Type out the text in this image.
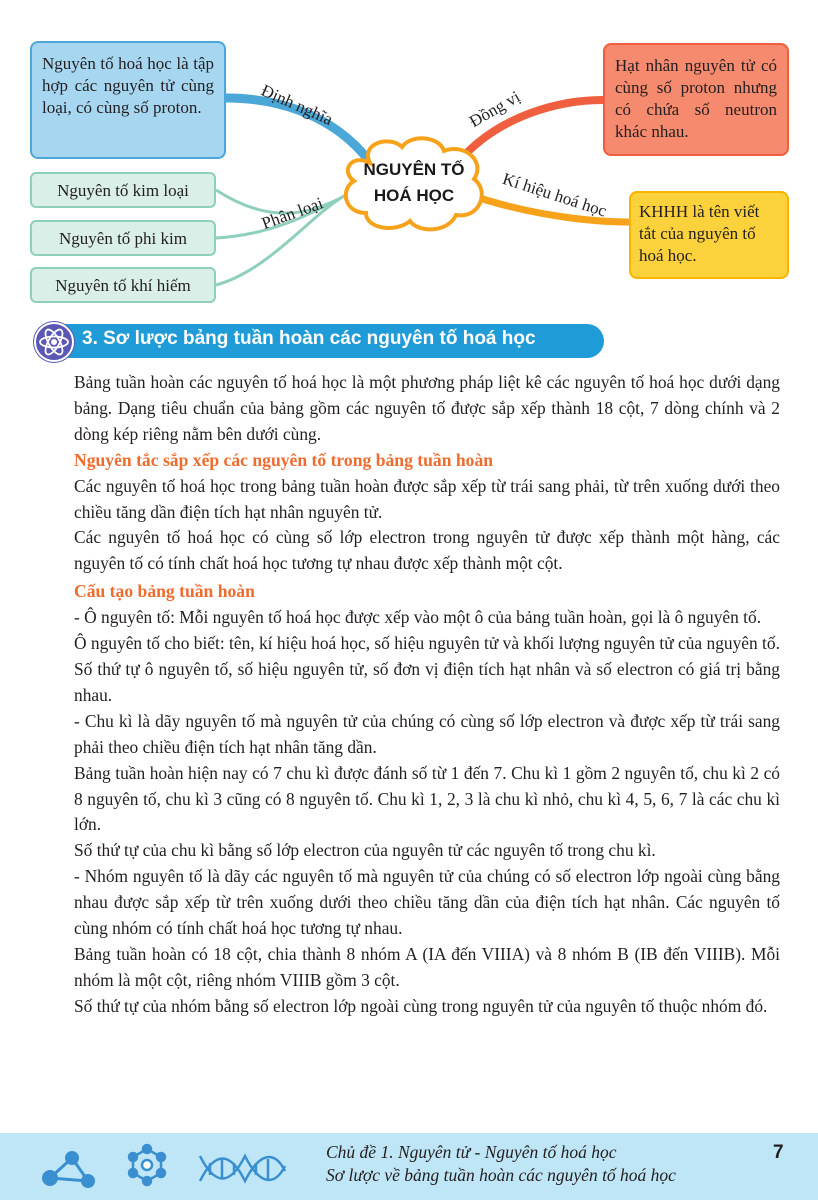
Nguyên tố hoá học là tập hợp các nguyên tử cùng loại, có cùng số proton.
Hạt nhân nguyên tử có cùng số proton nhưng có chứa số neutron khác nhau.
KHHH là tên viết tắt của nguyên tố hoá học.
Nguyên tố kim loại
Nguyên tố phi kim
Nguyên tố khí hiếm
Định nghĩa	Đồng vị
Kí hiệu hoá học
Phân loại
NGUYÊN TỐ
HOÁ HỌC
3. Sơ lược bảng tuần hoàn các nguyên tố hoá học

Bảng tuần hoàn các nguyên tố hoá học là một phương pháp liệt kê các nguyên tố hoá học dưới dạng bảng. Dạng tiêu chuẩn của bảng gồm các nguyên tố được sắp xếp thành 18 cột, 7 dòng chính và 2 dòng kép riêng nằm bên dưới cùng.

Nguyên tắc sắp xếp các nguyên tố trong bảng tuần hoàn

Các nguyên tố hoá học trong bảng tuần hoàn được sắp xếp từ trái sang phải, từ trên xuống dưới theo chiều tăng dần điện tích hạt nhân nguyên tử.

Các nguyên tố hoá học có cùng số lớp electron trong nguyên tử được xếp thành một hàng, các nguyên tố có tính chất hoá học tương tự nhau được xếp thành một cột.

Cấu tạo bảng tuần hoàn

- Ô nguyên tố: Mỗi nguyên tố hoá học được xếp vào một ô của bảng tuần hoàn, gọi là ô nguyên tố.

Ô nguyên tố cho biết: tên, kí hiệu hoá học, số hiệu nguyên tử và khối lượng nguyên tử của nguyên tố.

Số thứ tự ô nguyên tố, số hiệu nguyên tử, số đơn vị điện tích hạt nhân và số electron có giá trị bằng nhau.

- Chu kì là dãy nguyên tố mà nguyên tử của chúng có cùng số lớp electron và được xếp từ trái sang phải theo chiều điện tích hạt nhân tăng dần.

Bảng tuần hoàn hiện nay có 7 chu kì được đánh số từ 1 đến 7. Chu kì 1 gồm 2 nguyên tố, chu kì 2 có 8 nguyên tố, chu kì 3 cũng có 8 nguyên tố. Chu kì 1, 2, 3 là chu kì nhỏ, chu kì 4, 5, 6, 7 là các chu kì lớn.

Số thứ tự của chu kì bằng số lớp electron của nguyên tử các nguyên tố trong chu kì.

- Nhóm nguyên tố là dãy các nguyên tố mà nguyên tử của chúng có số electron lớp ngoài cùng bằng nhau được sắp xếp từ trên xuống dưới theo chiều tăng dần của điện tích hạt nhân. Các nguyên tố cùng nhóm có tính chất hoá học tương tự nhau.

Bảng tuần hoàn có 18 cột, chia thành 8 nhóm A (IA đến VIIIA) và 8 nhóm B (IB đến VIIIB). Mỗi nhóm là một cột, riêng nhóm VIIIB gồm 3 cột.

Số thứ tự của nhóm bằng số electron lớp ngoài cùng trong nguyên tử của nguyên tố thuộc nhóm đó.

Chủ đề 1. Nguyên tử - Nguyên tố hoá học
Sơ lược về bảng tuần hoàn các nguyên tố hoá học
7
